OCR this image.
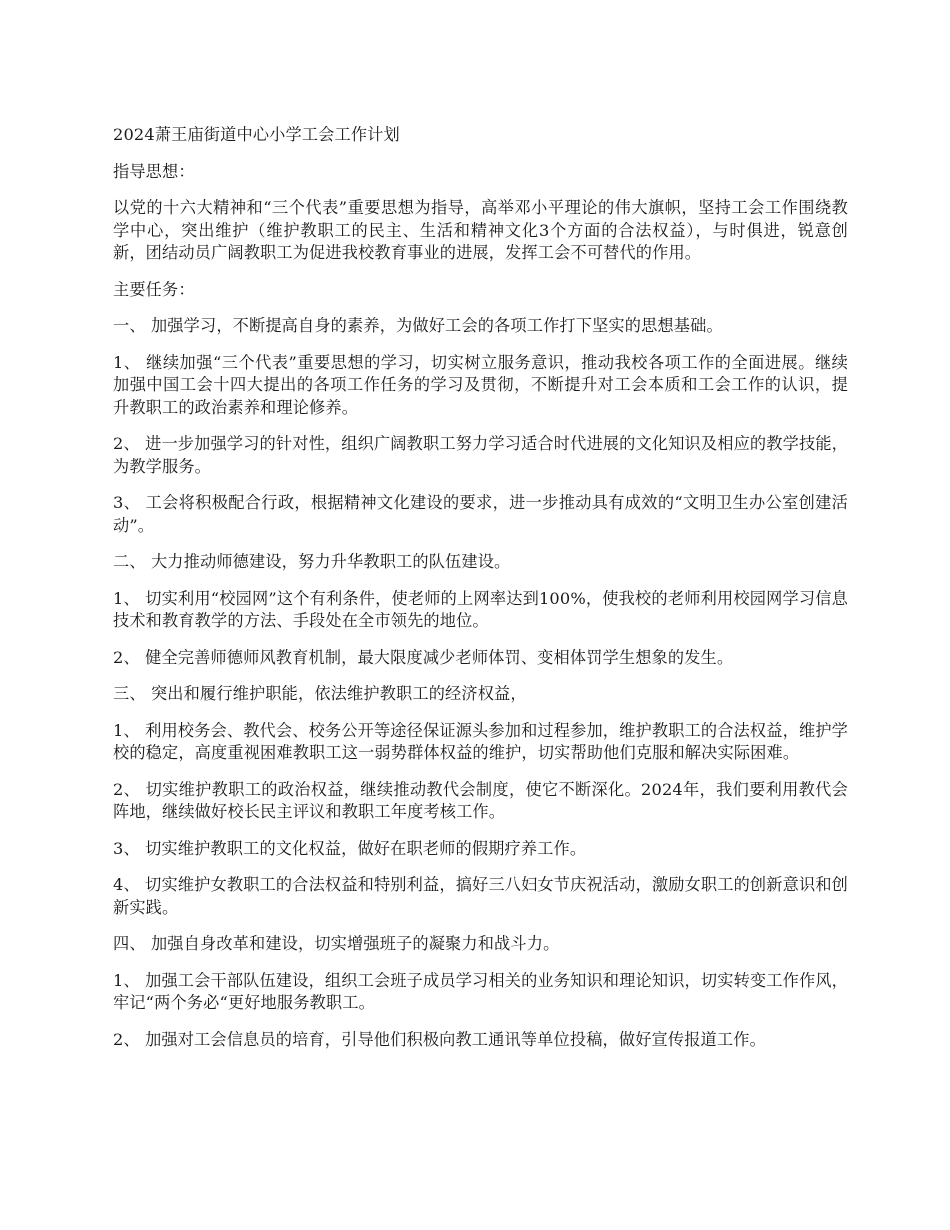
2024萧王庙街道中心小学工会工作计划

指导思想：

以党的十六大精神和“三个代表”重要思想为指导，高举邓小平理论的伟大旗帜，坚持工会工作围绕教学中心，突出维护（维护教职工的民主、生活和精神文化3个方面的合法权益），与时俱进，锐意创新，团结动员广阔教职工为促进我校教育事业的进展，发挥工会不可替代的作用。

主要任务：

一、 加强学习，不断提高自身的素养，为做好工会的各项工作打下坚实的思想基础。

1、 继续加强“三个代表”重要思想的学习，切实树立服务意识，推动我校各项工作的全面进展。继续加强中国工会十四大提出的各项工作任务的学习及贯彻，不断提升对工会本质和工会工作的认识，提升教职工的政治素养和理论修养。

2、 进一步加强学习的针对性，组织广阔教职工努力学习适合时代进展的文化知识及相应的教学技能，为教学服务。

3、 工会将积极配合行政，根据精神文化建设的要求，进一步推动具有成效的“文明卫生办公室创建活动”。

二、 大力推动师德建设，努力升华教职工的队伍建设。

1、 切实利用“校园网”这个有利条件，使老师的上网率达到100%，使我校的老师利用校园网学习信息技术和教育教学的方法、手段处在全市领先的地位。

2、 健全完善师德师风教育机制，最大限度减少老师体罚、变相体罚学生想象的发生。

三、 突出和履行维护职能，依法维护教职工的经济权益，

1、 利用校务会、教代会、校务公开等途径保证源头参加和过程参加，维护教职工的合法权益，维护学校的稳定，高度重视困难教职工这一弱势群体权益的维护，切实帮助他们克服和解决实际困难。

2、 切实维护教职工的政治权益，继续推动教代会制度，使它不断深化。2024年，我们要利用教代会阵地，继续做好校长民主评议和教职工年度考核工作。

3、 切实维护教职工的文化权益，做好在职老师的假期疗养工作。

4、 切实维护女教职工的合法权益和特别利益，搞好三八妇女节庆祝活动，激励女职工的创新意识和创新实践。

四、 加强自身改革和建设，切实增强班子的凝聚力和战斗力。

1、 加强工会干部队伍建设，组织工会班子成员学习相关的业务知识和理论知识，切实转变工作作风，牢记“两个务必“更好地服务教职工。

2、 加强对工会信息员的培育，引导他们积极向教工通讯等单位投稿，做好宣传报道工作。
